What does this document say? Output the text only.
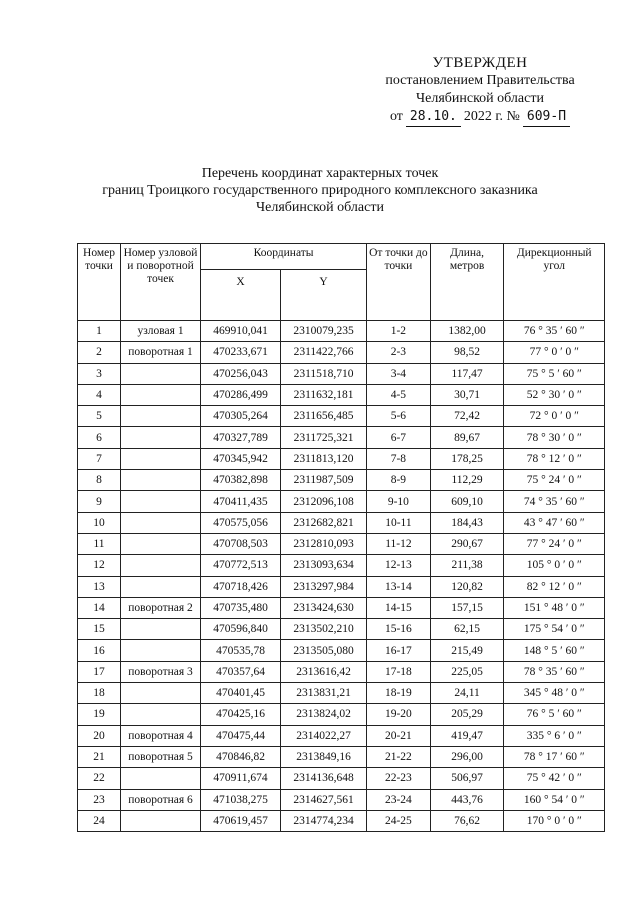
УТВЕРЖДЕН
постановлением Правительства
Челябинской области
от 28.10. 2022 г. № 609-П
Перечень координат характерных точек
границ Троицкого государственного природного комплексного заказника
Челябинской области
Номер точки	Номер узловой и поворотной точек	Координаты		От точки до точки	Длина, метров	Дирекционный угол
		X	Y			
1	узловая 1	469910,041	2310079,235	1-2	1382,00	76 ° 35 ′ 60 ″
2	поворотная 1	470233,671	2311422,766	2-3	98,52	77 ° 0 ′ 0 ″
3		470256,043	2311518,710	3-4	117,47	75 ° 5 ′ 60 ″
4		470286,499	2311632,181	4-5	30,71	52 ° 30 ′ 0 ″
5		470305,264	2311656,485	5-6	72,42	72 ° 0 ′ 0 ″
6		470327,789	2311725,321	6-7	89,67	78 ° 30 ′ 0 ″
7		470345,942	2311813,120	7-8	178,25	78 ° 12 ′ 0 ″
8		470382,898	2311987,509	8-9	112,29	75 ° 24 ′ 0 ″
9		470411,435	2312096,108	9-10	609,10	74 ° 35 ′ 60 ″
10		470575,056	2312682,821	10-11	184,43	43 ° 47 ′ 60 ″
11		470708,503	2312810,093	11-12	290,67	77 ° 24 ′ 0 ″
12		470772,513	2313093,634	12-13	211,38	105 ° 0 ′ 0 ″
13		470718,426	2313297,984	13-14	120,82	82 ° 12 ′ 0 ″
14	поворотная 2	470735,480	2313424,630	14-15	157,15	151 ° 48 ′ 0 ″
15		470596,840	2313502,210	15-16	62,15	175 ° 54 ′ 0 ″
16		470535,78	2313505,080	16-17	215,49	148 ° 5 ′ 60 ″
17	поворотная 3	470357,64	2313616,42	17-18	225,05	78 ° 35 ′ 60 ″
18		470401,45	2313831,21	18-19	24,11	345 ° 48 ′ 0 ″
19		470425,16	2313824,02	19-20	205,29	76 ° 5 ′ 60 ″
20	поворотная 4	470475,44	2314022,27	20-21	419,47	335 ° 6 ′ 0 ″
21	поворотная 5	470846,82	2313849,16	21-22	296,00	78 ° 17 ′ 60 ″
22		470911,674	2314136,648	22-23	506,97	75 ° 42 ′ 0 ″
23	поворотная 6	471038,275	2314627,561	23-24	443,76	160 ° 54 ′ 0 ″
24		470619,457	2314774,234	24-25	76,62	170 ° 0 ′ 0 ″
